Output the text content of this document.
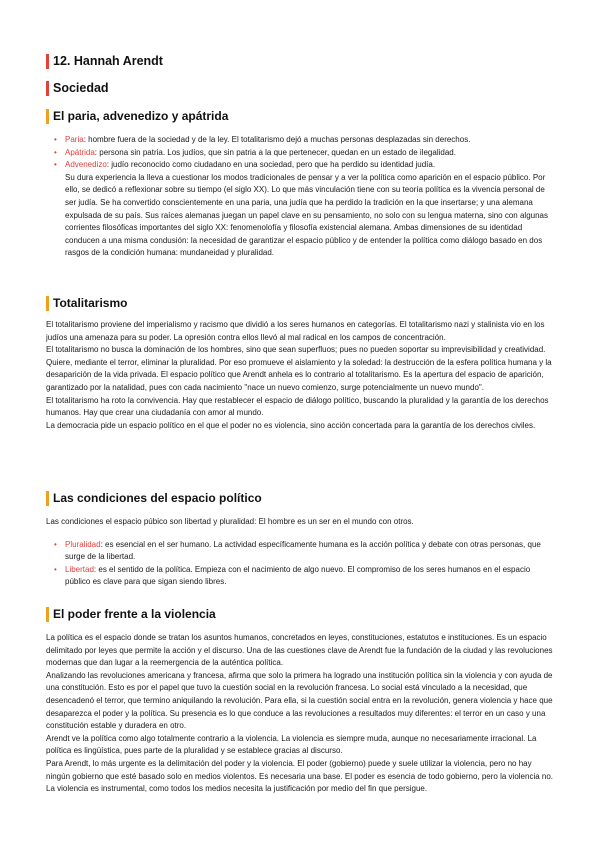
12. Hannah Arendt
Sociedad
El paria, advenedizo y apátrida
• Paria: hombre fuera de la sociedad y de la ley. El totalitarismo dejó a muchas personas desplazadas sin derechos.
• Apátrida: persona sin patria. Los judíos, que sin patria a la que pertenecer, quedan en un estado de ilegalidad.
• Advenedizo: judío reconocido como ciudadano en una sociedad, pero que ha perdido su identidad judía.
Su dura experiencia la lleva a cuestionar los modos tradicionales de pensar y a ver la política como aparición en el espacio público. Por ello, se dedicó a reflexionar sobre su tiempo (el siglo XX). Lo que más vinculación tiene con su teoría política es la vivencia personal de ser judía. Se ha convertido conscientemente en una paria, una judía que ha perdido la tradición en la que insertarse; y una alemana expulsada de su país. Sus raíces alemanas juegan un papel clave en su pensamiento, no solo con su lengua materna, sino con algunas corrientes filosóficas importantes del siglo XX: fenomenolofía y filosofía existencial alemana. Ambas dimensiones de su identidad conducen a una misma condusión: la necesidad de garantizar el espacio público y de entender la política como diálogo basado en dos rasgos de la condición humana: mundaneidad y pluralidad.
Totalitarismo

El totalitarismo proviene del imperialismo y racismo que dividió a los seres humanos en categorías. El totalitarismo nazi y stalinista vio en los judíos una amenaza para su poder. La opresión contra ellos llevó al mal radical en los campos de concentración.

El totalitarismo no busca la dominación de los hombres, sino que sean superfluos; pues no pueden soportar su imprevisibilidad y creatividad. Quiere, mediante el terror, eliminar la pluralidad. Por eso promueve el aislamiento y la soledad: la destrucción de la esfera política humana y la desaparición de la vida privada. El espacio político que Arendt anhela es lo contrario al totalitarismo. Es la apertura del espacio de aparición, garantizado por la natalidad, pues con cada nacimiento "nace un nuevo comienzo, surge potencialmente un nuevo mundo".

El totalitarismo ha roto la convivencia. Hay que restablecer el espacio de diálogo político, buscando la pluralidad y la garantía de los derechos humanos. Hay que crear una ciudadanía con amor al mundo.

La democracia pide un espacio político en el que el poder no es violencia, sino acción concertada para la garantía de los derechos civiles.

Las condiciones del espacio político

Las condiciones el espacio púbico son libertad y pluralidad: El hombre es un ser en el mundo con otros.

• Pluralidad: es esencial en el ser humano. La actividad específicamente humana es la acción política y debate con otras personas, que surge de la libertad.
• Libertad: es el sentido de la política. Empieza con el nacimiento de algo nuevo. El compromiso de los seres humanos en el espacio público es clave para que sigan siendo libres.
El poder frente a la violencia

La política es el espacio donde se tratan los asuntos humanos, concretados en leyes, constituciones, estatutos e instituciones. Es un espacio delimitado por leyes que permite la acción y el discurso. Una de las cuestiones clave de Arendt fue la fundación de la ciudad y las revoluciones modernas que dan lugar a la reemergencia de la auténtica política.

Analizando las revoluciones americana y francesa, afirma que solo la primera ha logrado una institución política sin la violencia y con ayuda de una constitución. Esto es por el papel que tuvo la cuestión social en la revolución francesa. Lo social está vinculado a la necesidad, que desencadenó el terror, que termino aniquilando la revolución. Para ella, si la cuestión social entra en la revolución, genera violencia y hace que desaparezca el poder y la política. Su presencia es lo que conduce a las revoluciones a resultados muy diferentes: el terror en un caso y una constitución estable y duradera en otro.

Arendt ve la política como algo totalmente contrario a la violencia. La violencia es siempre muda, aunque no necesariamente irracional. La política es lingüística, pues parte de la pluralidad y se establece gracias al discurso.

Para Arendt, lo más urgente es la delimitación del poder y la violencia. El poder (gobierno) puede y suele utilizar la violencia, pero no hay ningún gobierno que esté basado solo en medios violentos. Es necesaria una base. El poder es esencia de todo gobierno, pero la violencia no. La violencia es instrumental, como todos los medios necesita la justificación por medio del fin que persigue.
